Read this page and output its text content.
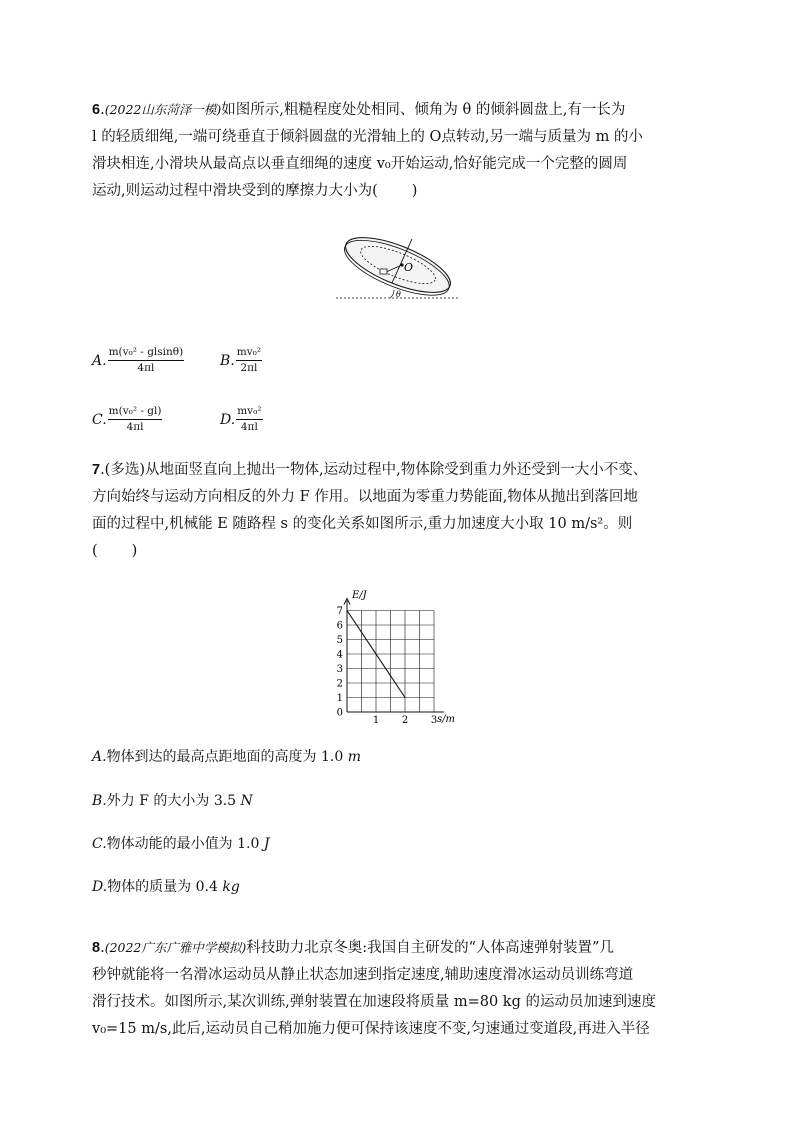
6.(2022山东菏泽一模)如图所示,粗糙程度处处相同、倾角为 θ 的倾斜圆盘上,有一长为
l 的轻质细绳,一端可绕垂直于倾斜圆盘的光滑轴上的 O点转动,另一端与质量为 m 的小
滑块相连,小滑块从最高点以垂直细绳的速度 v₀开始运动,恰好能完成一个完整的圆周
运动,则运动过程中滑块受到的摩擦力大小为( )
O
θ
A. $\frac{\text{m(v₀² - glsinθ)}}{4\pi l}$	B. $\frac{\text{mv₀²}}{2\pi l}$
C. $\frac{\text{m(v₀² - gl)}}{4\pi l}$	D. $\frac{\text{mv₀²}}{4\pi l}$
7.(多选)从地面竖直向上抛出一物体,运动过程中,物体除受到重力外还受到一大小不变、
方向始终与运动方向相反的外力 F 作用。以地面为零重力势能面,物体从抛出到落回地
面的过程中,机械能 E 随路程 s 的变化关系如图所示,重力加速度大小取 10 m/s²。则
( )
0
1
2
3
4
5
6
7
1 2 3
E/J
s/m
A.物体到达的最高点距地面的高度为 1.0 m
B.外力 F 的大小为 3.5 N
C.物体动能的最小值为 1.0 J
D.物体的质量为 0.4 kg
8.(2022广东广雅中学模拟)科技助力北京冬奥:我国自主研发的“人体高速弹射装置”几
秒钟就能将一名滑冰运动员从静止状态加速到指定速度,辅助速度滑冰运动员训练弯道
滑行技术。如图所示,某次训练,弹射装置在加速段将质量 m=80 kg 的运动员加速到速度
v₀=15 m/s,此后,运动员自己稍加施力便可保持该速度不变,匀速通过变道段,再进入半径
